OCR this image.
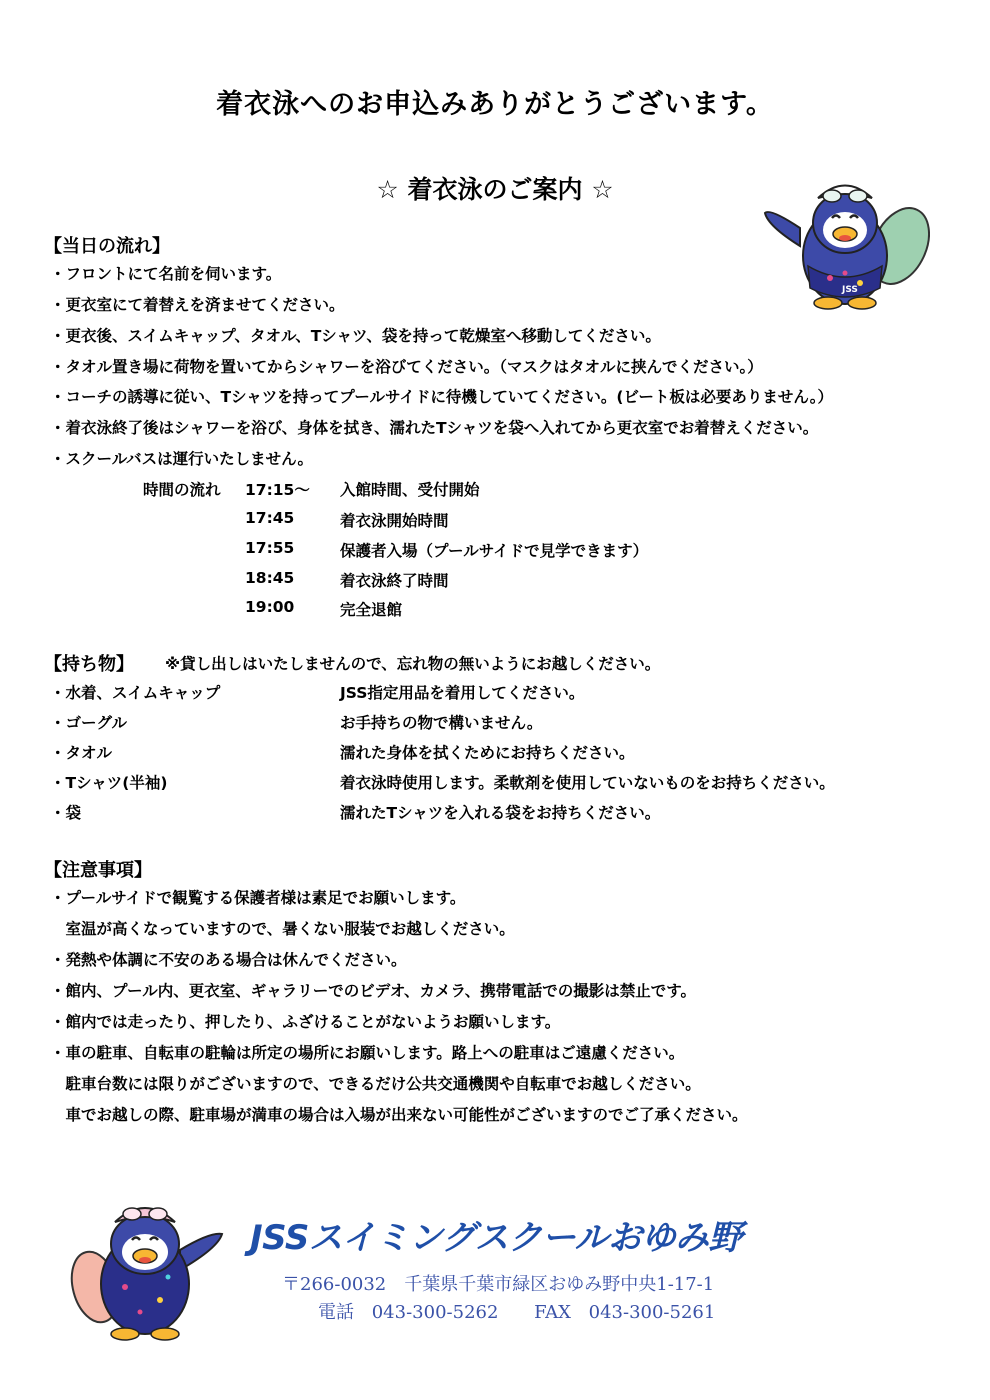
着衣泳へのお申込みありがとうございます。
☆ 着衣泳のご案内 ☆
JSS
【当日の流れ】
・フロントにて名前を伺います。
・更衣室にて着替えを済ませてください。
・更衣後、スイムキャップ、タオル、Tシャツ、袋を持って乾燥室へ移動してください。
・タオル置き場に荷物を置いてからシャワーを浴びてください。（マスクはタオルに挟んでください。）
・コーチの誘導に従い、Tシャツを持ってプールサイドに待機していてください。(ビート板は必要ありません。）
・着衣泳終了後はシャワーを浴び、身体を拭き、濡れたTシャツを袋へ入れてから更衣室でお着替えください。
・スクールバスは運行いたしません。
時間の流れ 17:15～ 入館時間、受付開始
17:45	着衣泳開始時間
17:55	保護者入場（プールサイドで見学できます）
18:45	着衣泳終了時間
19:00	完全退館
【持ち物】 ※貸し出しはいたしませんので、忘れ物の無いようにお越しください。
・水着、スイムキャップ	JSS指定用品を着用してください。
・ゴーグル	お手持ちの物で構いません。
・タオル	濡れた身体を拭くためにお持ちください。
・Tシャツ(半袖)	着衣泳時使用します。柔軟剤を使用していないものをお持ちください。
・袋	濡れたTシャツを入れる袋をお持ちください。
【注意事項】
・プールサイドで観覧する保護者様は素足でお願いします。
　室温が高くなっていますので、暑くない服装でお越しください。
・発熱や体調に不安のある場合は休んでください。
・館内、プール内、更衣室、ギャラリーでのビデオ、カメラ、携帯電話での撮影は禁止です。
・館内では走ったり、押したり、ふざけることがないようお願いします。
・車の駐車、自転車の駐輪は所定の場所にお願いします。路上への駐車はご遠慮ください。
　駐車台数には限りがございますので、できるだけ公共交通機関や自転車でお越しください。
　車でお越しの際、駐車場が満車の場合は入場が出来ない可能性がございますのでご了承ください。
JSSスイミングスクールおゆみ野
〒266-0032　千葉県千葉市緑区おゆみ野中央1-17-1
電話 043-300-5262 FAX 043-300-5261
